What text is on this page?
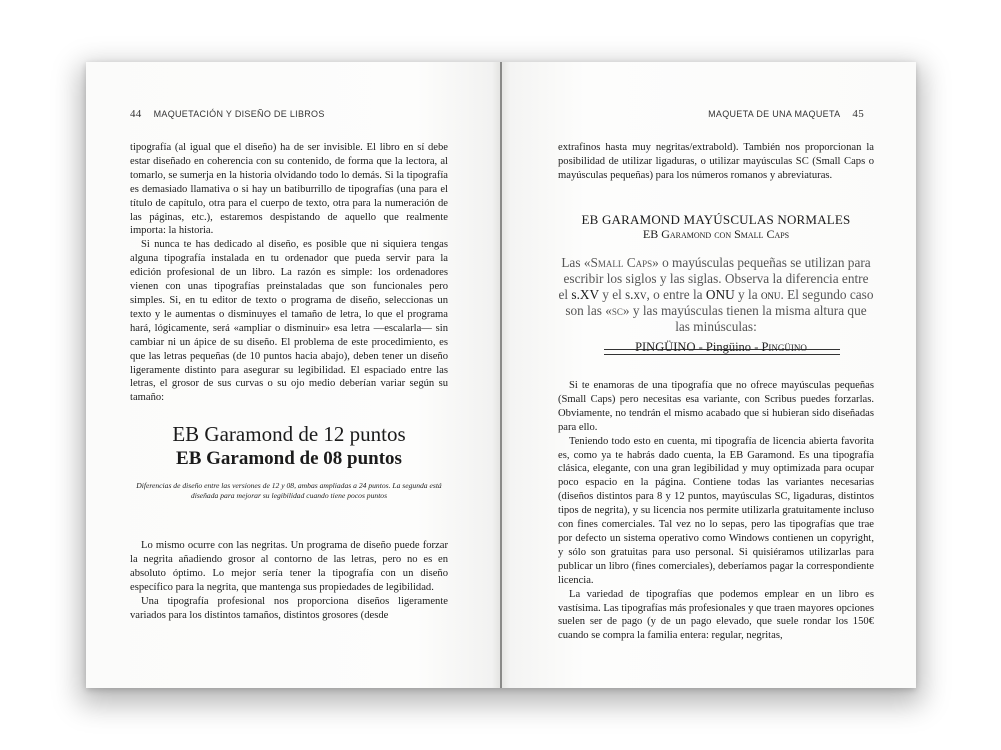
44 MAQUETACIÓN Y DISEÑO DE LIBROS

tipografía (al igual que el diseño) ha de ser invisible. El libro en sí debe estar diseñado en coherencia con su contenido, de forma que la lectora, al tomarlo, se sumerja en la historia olvidando todo lo demás. Si la tipografía es demasiado llamativa o si hay un batiburrillo de tipografías (una para el título de capítulo, otra para el cuerpo de texto, otra para la numeración de las páginas, etc.), estaremos despistando de aquello que realmente importa: la historia.

Si nunca te has dedicado al diseño, es posible que ni siquiera tengas alguna tipografía instalada en tu ordenador que pueda servir para la edición profesional de un libro. La razón es simple: los ordenadores vienen con unas tipografías preinstaladas que son funcionales pero simples. Si, en tu editor de texto o programa de diseño, seleccionas un texto y le aumentas o disminuyes el tamaño de letra, lo que el programa hará, lógicamente, será «ampliar o disminuir» esa letra —escalarla— sin cambiar ni un ápice de su diseño. El problema de este procedimiento, es que las letras pequeñas (de 10 puntos hacia abajo), deben tener un diseño ligeramente distinto para asegurar su legibilidad. El espaciado entre las letras, el grosor de sus curvas o su ojo medio deberían variar según su tamaño:

EB Garamond de 12 puntos
EB Garamond de 08 puntos
Diferencias de diseño entre las versiones de 12 y 08, ambas ampliadas a 24 puntos. La segunda está diseñada para mejorar su legibilidad cuando tiene pocos puntos

Lo mismo ocurre con las negritas. Un programa de diseño puede forzar la negrita añadiendo grosor al contorno de las letras, pero no es en absoluto óptimo. Lo mejor sería tener la tipografía con un diseño específico para la negrita, que mantenga sus propiedades de legibilidad.

Una tipografía profesional nos proporciona diseños ligeramente variados para los distintos tamaños, distintos grosores (desde

MAQUETA DE UNA MAQUETA 45

extrafinos hasta muy negritas/extrabold). También nos proporcionan la posibilidad de utilizar ligaduras, o utilizar mayúsculas SC (Small Caps o mayúsculas pequeñas) para los números romanos y abreviaturas.

EB GARAMOND MAYÚSCULAS NORMALES
EB Garamond con Small Caps
Las «Small Caps» o mayúsculas pequeñas se utilizan para escribir los siglos y las siglas. Observa la diferencia entre el s.XV y el s.xv, o entre la ONU y la onu. El segundo caso son las «sc» y las mayúsculas tienen la misma altura que las minúsculas:
PINGÜINO - Pingüino - Pingüino

Si te enamoras de una tipografía que no ofrece mayúsculas pequeñas (Small Caps) pero necesitas esa variante, con Scribus puedes forzarlas. Obviamente, no tendrán el mismo acabado que si hubieran sido diseñadas para ello.

Teniendo todo esto en cuenta, mi tipografía de licencia abierta favorita es, como ya te habrás dado cuenta, la EB Garamond. Es una tipografía clásica, elegante, con una gran legibilidad y muy optimizada para ocupar poco espacio en la página. Contiene todas las variantes necesarias (diseños distintos para 8 y 12 puntos, mayúsculas SC, ligaduras, distintos tipos de negrita), y su licencia nos permite utilizarla gratuitamente incluso con fines comerciales. Tal vez no lo sepas, pero las tipografías que trae por defecto un sistema operativo como Windows contienen un copyright, y sólo son gratuitas para uso personal. Si quisiéramos utilizarlas para publicar un libro (fines comerciales), deberíamos pagar la correspondiente licencia.

La variedad de tipografías que podemos emplear en un libro es vastísima. Las tipografías más profesionales y que traen mayores opciones suelen ser de pago (y de un pago elevado, que suele rondar los 150€ cuando se compra la familia entera: regular, negritas,
